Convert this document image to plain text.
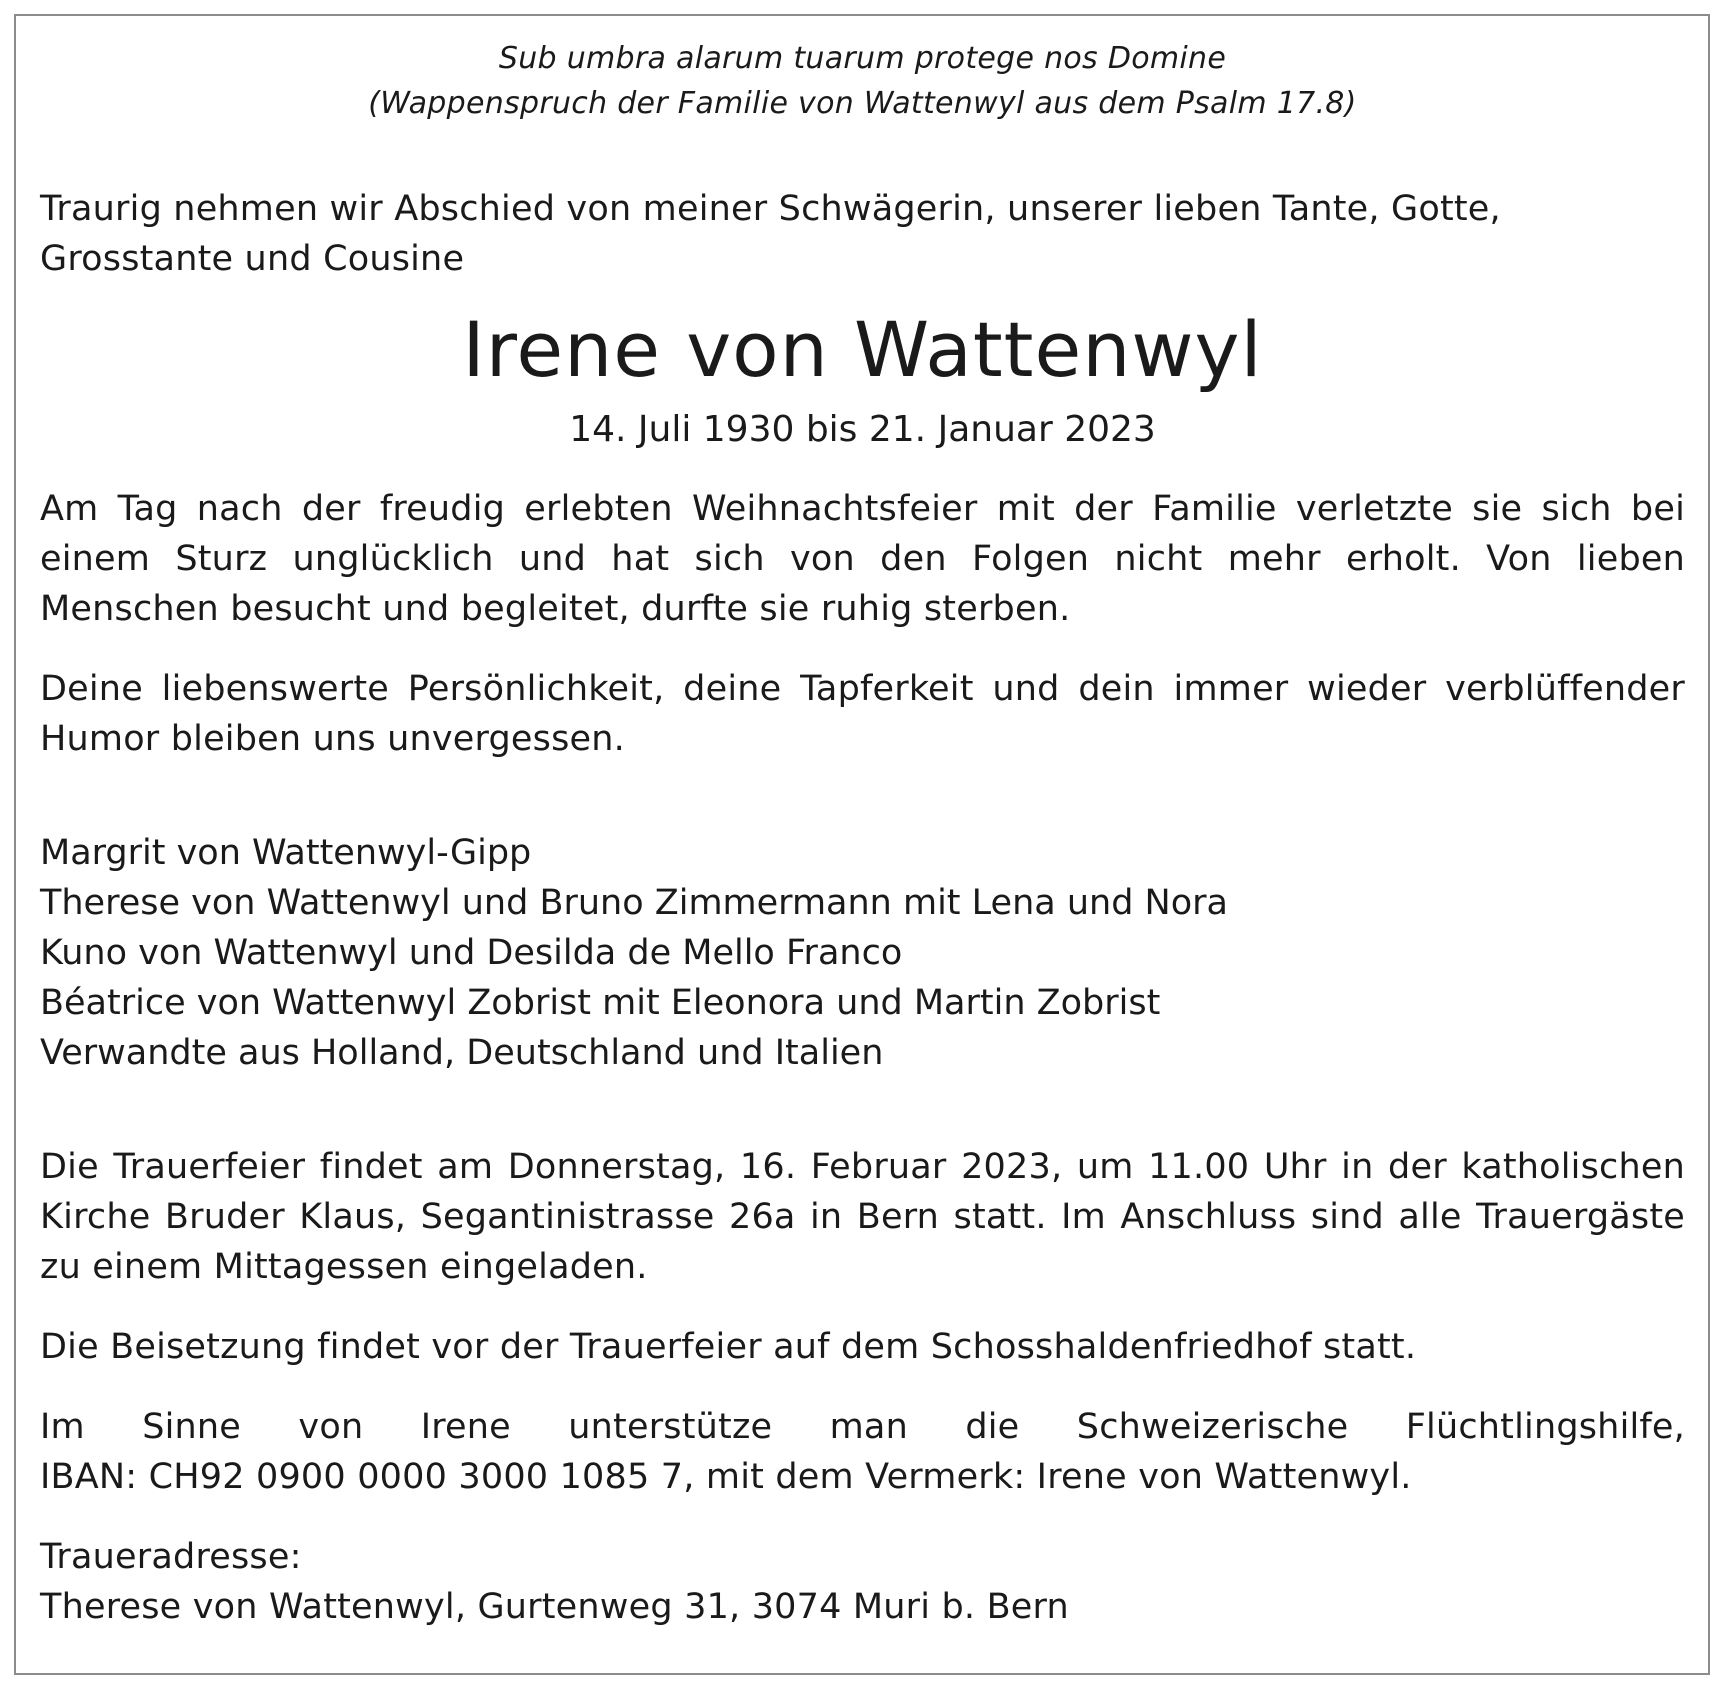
Sub umbra alarum tuarum protege nos Domine
(Wappenspruch der Familie von Wattenwyl aus dem Psalm 17.8)

Traurig nehmen wir Abschied von meiner Schwägerin, unserer lieben Tante, Gotte, Grosstante und Cousine

Irene von Wattenwyl

14. Juli 1930 bis 21. Januar 2023

Am Tag nach der freudig erlebten Weihnachtsfeier mit der Familie verletzte sie sich bei einem Sturz unglücklich und hat sich von den Folgen nicht mehr erholt. Von lieben Menschen besucht und begleitet, durfte sie ruhig sterben.

Deine liebenswerte Persönlichkeit, deine Tapferkeit und dein immer wieder verblüffender Humor bleiben uns unvergessen.

Margrit von Wattenwyl-Gipp
Therese von Wattenwyl und Bruno Zimmermann mit Lena und Nora
Kuno von Wattenwyl und Desilda de Mello Franco
Béatrice von Wattenwyl Zobrist mit Eleonora und Martin Zobrist
Verwandte aus Holland, Deutschland und Italien

Die Trauerfeier findet am Donnerstag, 16. Februar 2023, um 11.00 Uhr in der katholischen Kirche Bruder Klaus, Segantinistrasse 26a in Bern statt. Im Anschluss sind alle Trauergäste zu einem Mittagessen eingeladen.

Die Beisetzung findet vor der Trauerfeier auf dem Schosshaldenfriedhof statt.

Im Sinne von Irene unterstütze man die Schweizerische Flüchtlingshilfe,
IBAN: CH92 0900 0000 3000 1085 7, mit dem Vermerk: Irene von Wattenwyl.

Traueradresse:
Therese von Wattenwyl, Gurtenweg 31, 3074 Muri b. Bern
